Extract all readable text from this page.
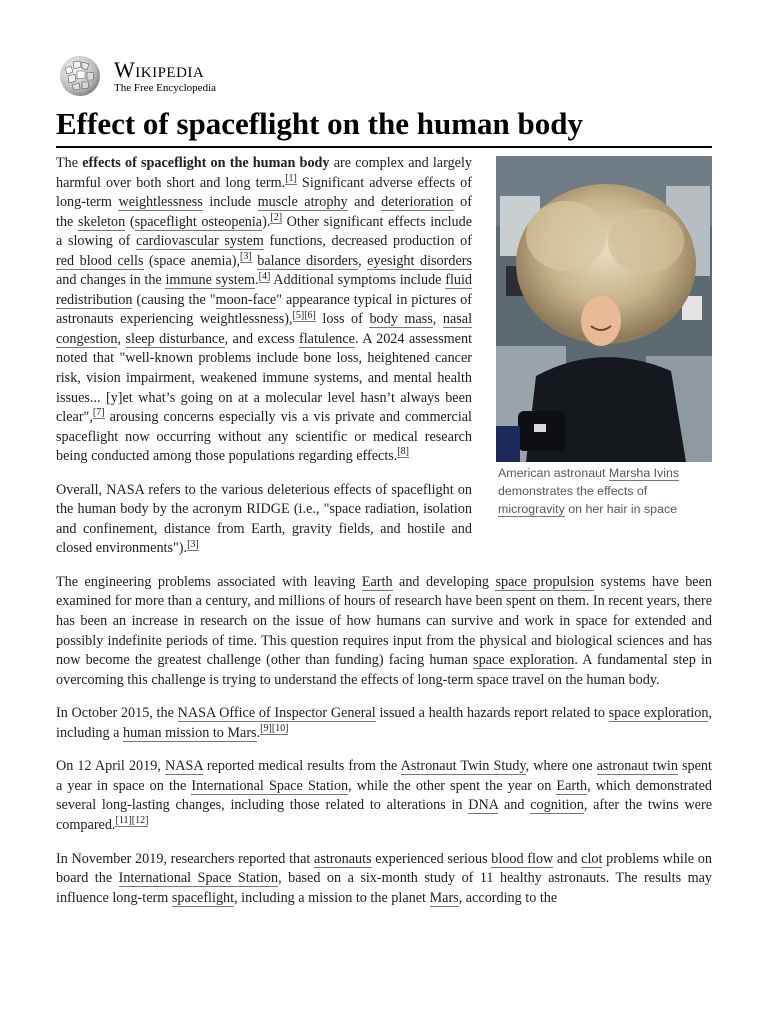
Wikipedia
The Free Encyclopedia
Effect of spaceflight on the human body
American astronaut Marsha Ivins demonstrates the effects of microgravity on her hair in space

The effects of spaceflight on the human body are complex and largely harmful over both short and long term.[1] Significant adverse effects of long-term weightlessness include muscle atrophy and deterioration of the skeleton (spaceflight osteopenia).[2] Other significant effects include a slowing of cardiovascular system functions, decreased production of red blood cells (space anemia),[3] balance disorders, eyesight disorders and changes in the immune system.[4] Additional symptoms include fluid redistribution (causing the "moon-face" appearance typical in pictures of astronauts experiencing weightlessness),[5][6] loss of body mass, nasal congestion, sleep disturbance, and excess flatulence. A 2024 assessment noted that "well-known problems include bone loss, heightened cancer risk, vision impairment, weakened immune systems, and mental health issues... [y]et what’s going on at a molecular level hasn’t always been clear",[7] arousing concerns especially vis a vis private and commercial spaceflight now occurring without any scientific or medical research being conducted among those populations regarding effects.[8]

Overall, NASA refers to the various deleterious effects of spaceflight on the human body by the acronym RIDGE (i.e., "space radiation, isolation and confinement, distance from Earth, gravity fields, and hostile and closed environments").[3]

The engineering problems associated with leaving Earth and developing space propulsion systems have been examined for more than a century, and millions of hours of research have been spent on them. In recent years, there has been an increase in research on the issue of how humans can survive and work in space for extended and possibly indefinite periods of time. This question requires input from the physical and biological sciences and has now become the greatest challenge (other than funding) facing human space exploration. A fundamental step in overcoming this challenge is trying to understand the effects of long-term space travel on the human body.

In October 2015, the NASA Office of Inspector General issued a health hazards report related to space exploration, including a human mission to Mars.[9][10]

On 12 April 2019, NASA reported medical results from the Astronaut Twin Study, where one astronaut twin spent a year in space on the International Space Station, while the other spent the year on Earth, which demonstrated several long-lasting changes, including those related to alterations in DNA and cognition, after the twins were compared.[11][12]

In November 2019, researchers reported that astronauts experienced serious blood flow and clot problems while on board the International Space Station, based on a six-month study of 11 healthy astronauts. The results may influence long-term spaceflight, including a mission to the planet Mars, according to the
